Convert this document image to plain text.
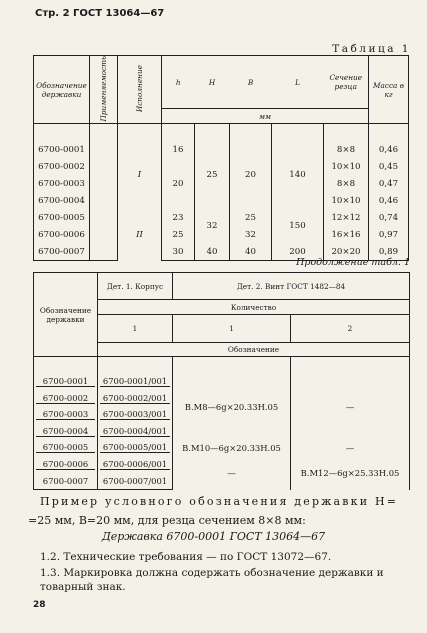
Стр. 2 ГОСТ 13064—67
Таблица 1
Обозначение державки	Применяемость	Исполнение	h	H	B	L	Сечение резца	Масса в кг
			мм					

6700-0001		I	16	25	20	140	8×8	0,46
6700-0002							10×10	0,45
6700-0003			20				8×8	0,47
6700-0004							10×10	0,46
6700-0005		II	23	32	25	150	12×12	0,74
6700-0006			25		32		16×16	0,97
6700-0007			30	40	40	200	20×20	0,89
Продолжение табл. 1
Обозначение державки	Дет. 1. Корпус	Дет. 2. Винт ГОСТ 1482—84	
	Количество		
	1	1	2
	Обозначение		

6700-0001	6700-0001/001	В.М8—6g×20.33Н.05	—

6700-0002	6700-0002/001		

6700-0003	6700-0003/001		

6700-0004	6700-0004/001		

6700-0005	6700-0005/001	В.М10—6g×20.33Н.05	—

6700-0006	6700-0006/001	—	В.М12—6g×25.33Н.05
6700-0007	6700-0007/001		
Пример условного обозначения державки H=
=25 мм, B=20 мм, для резца сечением 8×8 мм:
Державка 6700-0001 ГОСТ 13064—67
1.2. Технические требования — по ГОСТ 13072—67.
1.3. Маркировка должна содержать обозначение державки и товарный знак.
28
